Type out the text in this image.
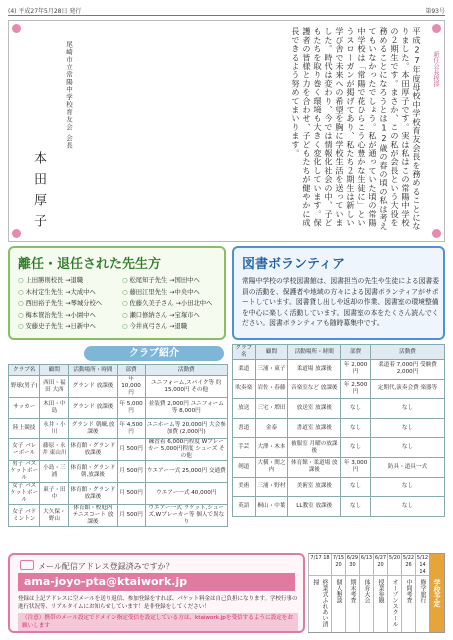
(4) 平成27年5月28日 発行	第93号
新任会長挨拶
平成27年度母校中学校育友会長を務めることになりました。本田厚子です。実は私はこの常陽中学校の２期生です。まさか、この私が会長という大役を務めることになろうとは12歳の春の頃の私は考えてもいなかったでしょう。私が通っていた頃の常陽中学校は「常陽で花ひらこう心豊かな生徒に」というスローガンが掲げてあり、私たち２期生は新しい学び舎で未来への希望を胸に学校生活を送っていました。時代は変わり、今では情報化社会の中、子どもたちを取り巻く環境も大きく変化しています。保護者の皆様と力を合わせ、子どもたちが健やかに成長できるよう努めてまいります。
尾崎市立常陽中学校育友会 会長
本田厚子
離任・退任された先生方
○ 上田勝則校長 →退職
○ 木村定生先生 →大成中へ
○ 西田裕子先生 →琴城分校へ
○ 梅本賀治先生 →小園中へ
○ 安藤史子先生 →日新中へ
○ 松尾知子先生 →国田中へ
○ 藤田江里先生 →中央中へ
○ 佐藤久美子さん →小田北中へ
○ 瀬口修納さん →宝塚市へ
○ 今井真弓さん →退職
図書ボランティア

常陽中学校の学校図書館は、図書担当の先生や生徒による図書委員の活動を、保護者や地域の方々による図書ボランティアがサポートしています。図書貸し出しや返却の作業、図書室の環境整備を中心に楽しく活動しています。図書室の本をたくさん読んでください。図書ボランティアも随時募集中です。

クラブ紹介
クラブ名	顧問	活動場所・時間	部費	活動費
野球(男子)	西田・福田 大西	グランド 放課後	年 10,000円	ユニフォーム,スパイク等 約15,000円 その他
サッカー	木田・中島	グランド 放課後	年 5,000円	並装費 2,000円 ユニフォーム等 8,000円
陸上競技	永井・小川	グランド 朝練,放課後	年 4,500円	ユニホーム等 20,000円 大会参加費 (2,000円)
女子 バレーボール	藤原・永井 東山川	体育館・グランド 放課後	月 500円	練習着 6,000円程度 Wブレーカー 5,000円程度 シューズ その他
男子 バスケットボール	小島・三浦	体育館・グランド 朝,放課後	月 500円	ウエアー一式 25,000円 交通費
女子 バスケットボール	東子・田中	体育館・グランド 放課後	月 500円	ウエアー一式 40,000円
女子 バドミントン	大久保・野山	体育館・校庭内 テニスコート 放課後	月 500円	ウエアー一式 ラケット,シューズ,Wブレーカー等 個人で異なり
クラブ名	顧問	活動場所・時間	部費	活動費
柔道	三浦・東子	柔道場 放課後	年 2,000円	柔道着 7,000円 受験費 2,000円
吹奏楽	岩佐・春藤	音楽室など 放課後	年 2,500円	定期代,演奏会費 楽器等
放送	三宅・増田	放送室 放課後	なし	なし
書道	金泰	書道室 放課後	なし	なし
手芸	大澤・木本	被服室 月曜の放課後	なし	なし
剣道	大横・関之内	体育館・柔道場 放課後	年 3,000円	防具・道具一式
美術	三浦・野村	美術室 放課後	なし	なし
英語	桐山・中葉	LL教室 放課後	なし	なし
メール配信アドレス登録済みですか？
ama-joyo-pta@ktaiwork.jp
登録は上記アドレスに空メールを送り返信、参加登録をすれば、パケット料金は自己負担になります。学校行事の進行状況等、リアルタイムにお知らせしています！是非登録をしてください！
（注意）携帯のメール設定でドメイン指定受信を設定している方は、ktaiwork.jpを受信するように設定をお願いします
学校予定
5/12 14 14
修学旅行
5/22 26
中間考査
5/20
オープンスクール
6/27 20
授業参観
6/13
体育大会
6/29 30
期末考査
7/15 20
個人懇談
7/17 18
終業式ふれあい清掃
